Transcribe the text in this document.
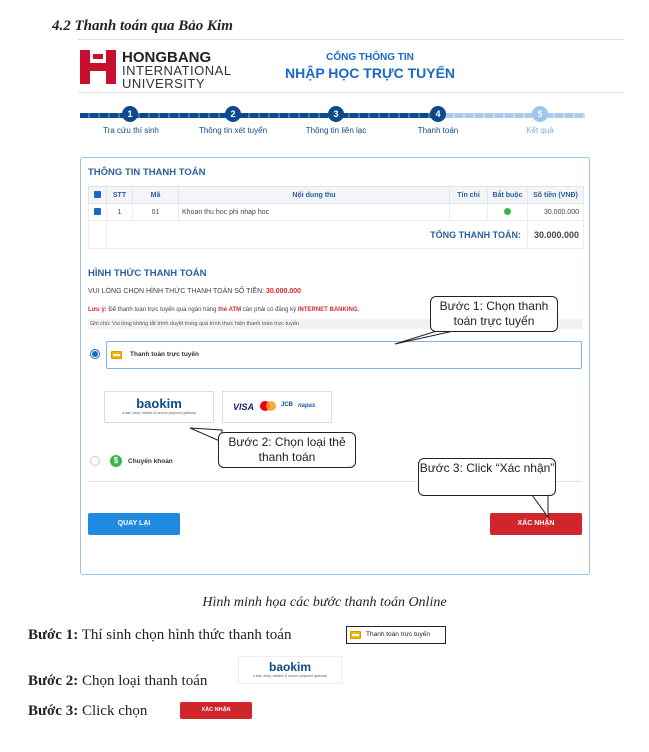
4.2 Thanh toán qua Bảo Kim
HONGBANG
INTERNATIONAL
UNIVERSITY
CỔNG THÔNG TIN
NHẬP HỌC TRỰC TUYẾN
1	2	3	4	5
Tra cứu thí sinh	Thông tin xét tuyển	Thông tin liên lạc	Thanh toán	Kết quả
THÔNG TIN THANH TOÁN
	STT	Mã	Nội dung thu	Tín chỉ	Bắt buộc	Số tiền (VNĐ)
	1	01	Khoan thu hoc phi nhap hoc			30.000.000
	TỔNG THANH TOÁN:					30.000.000
HÌNH THỨC THANH TOÁN
VUI LÒNG CHỌN HÌNH THỨC THANH TOÁN SỐ TIỀN: 30.000.000
Lưu ý: Để thanh toán trực tuyến qua ngân hàng thẻ ATM cần phải có đăng ký INTERNET BANKING.
Ghi chú: Vui lòng không tắt trình duyệt trong quá trình thực hiện thanh toán trực tuyến
Thanh toán trực tuyến
baokim
a fast, easy, reliable & secure payment gateway
VISA	JCB napas
$	Chuyển khoản
QUAY LẠI	XÁC NHẬN
Bước 1: Chọn thanh toán trực tuyến
Bước 2: Chọn loại thẻ thanh toán
Bước 3: Click “Xác nhận”
Hình minh họa các bước thanh toán Online
Bước 1: Thí sinh chọn hình thức thanh toán	Thanh toán trực tuyến
Bước 2: Chọn loại thanh toán
baokim
a fast, easy, reliable & secure payment gateway
Bước 3: Click chọn	XÁC NHẬN
